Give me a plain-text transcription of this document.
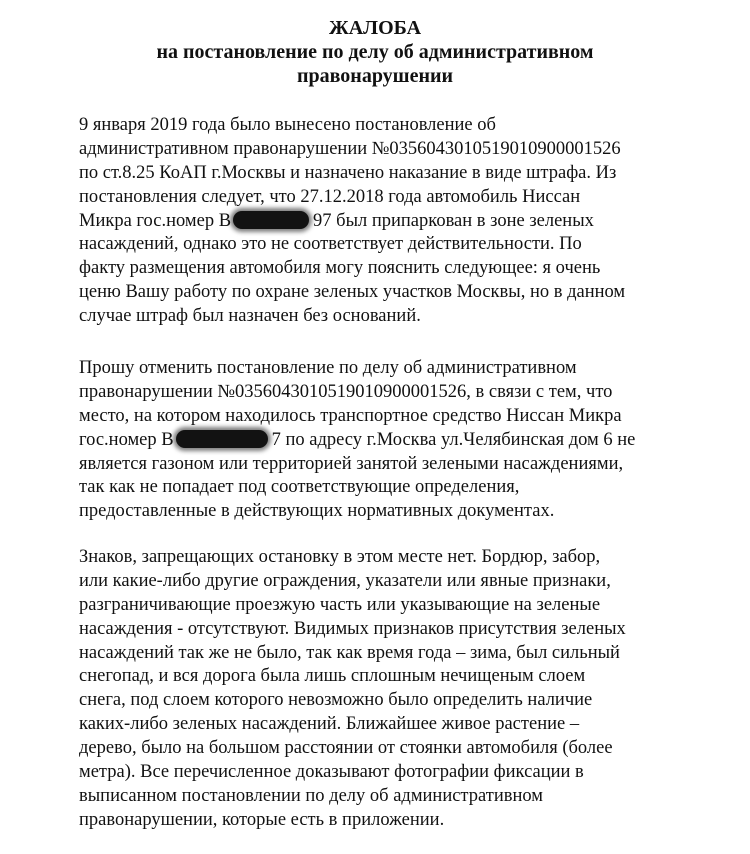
ЖАЛОБА
на постановление по делу об административном
правонарушении
9 января 2019 года было вынесено постановление об
административном правонарушении №0356043010519010900001526
по ст.8.25 КоАП г.Москвы и назначено наказание в виде штрафа. Из
постановления следует, что 27.12.2018 года автомобиль Ниссан
Микра гос.номер В	97 был припаркован в зоне зеленых
насаждений, однако это не соответствует действительности. По
факту размещения автомобиля могу пояснить следующее: я очень
ценю Вашу работу по охране зеленых участков Москвы, но в данном
случае штраф был назначен без оснований.
Прошу отменить постановление по делу об административном
правонарушении №0356043010519010900001526, в связи с тем, что
место, на котором находилось транспортное средство Ниссан Микра
гос.номер В	7 по адресу г.Москва ул.Челябинская дом 6 не
является газоном или территорией занятой зелеными насаждениями,
так как не попадает под соответствующие определения,
предоставленные в действующих нормативных документах.
Знаков, запрещающих остановку в этом месте нет. Бордюр, забор,
или какие-либо другие ограждения, указатели или явные признаки,
разграничивающие проезжую часть или указывающие на зеленые
насаждения - отсутствуют. Видимых признаков присутствия зеленых
насаждений так же не было, так как время года – зима, был сильный
снегопад, и вся дорога была лишь сплошным нечищеным слоем
снега, под слоем которого невозможно было определить наличие
каких-либо зеленых насаждений. Ближайшее живое растение –
дерево, было на большом расстоянии от стоянки автомобиля (более
метра). Все перечисленное доказывают фотографии фиксации в
выписанном постановлении по делу об административном
правонарушении, которые есть в приложении.
